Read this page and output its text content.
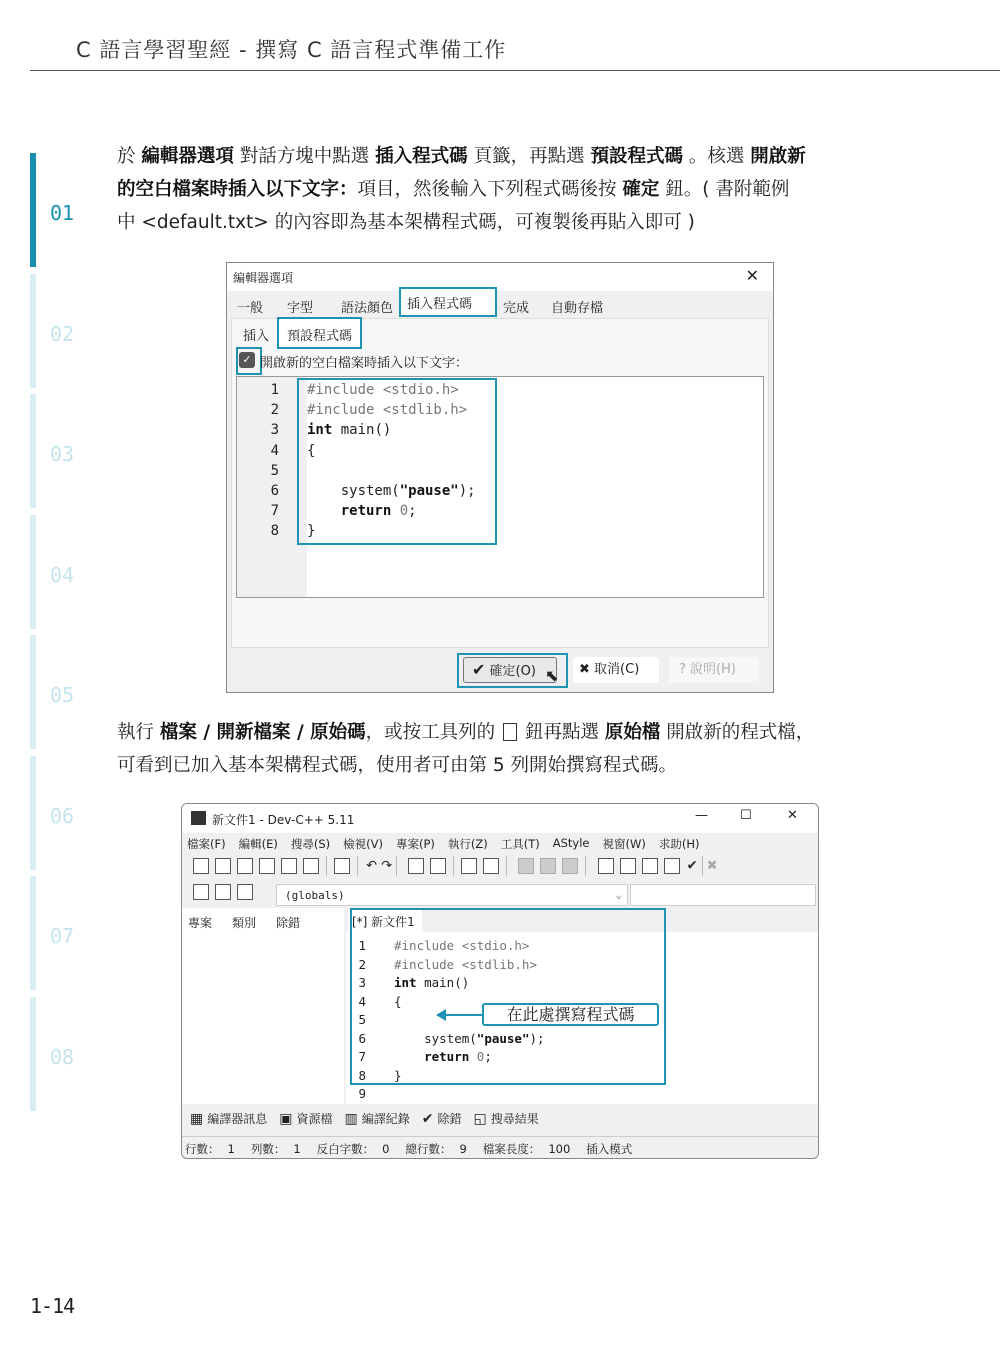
C 語言學習聖經 - 撰寫 C 語言程式準備工作
01
02
03
04
05
06
07
08
於 編輯器選項 對話方塊中點選 插入程式碼 頁籤，再點選 預設程式碼 。核選 開啟新
的空白檔案時插入以下文字：項目，然後輸入下列程式碼後按 確定 鈕。( 書附範例
中 <default.txt> 的內容即為基本架構程式碼，可複製後再貼入即可 )
編輯器選項	✕
一般	字型	語法顏色	插入程式碼	完成	自動存檔
插入	預設程式碼
✓ 開啟新的空白檔案時插入以下文字：
1	#include <stdio.h>
2	#include <stdlib.h>
3	int main()
4	{
5
6	system("pause");
7	return 0;
8	}
✔ 確定(O) ⬉	✖ 取消(C)	? 說明(H)
執行 檔案 / 開新檔案 / 原始碼，或按工具列的  鈕再點選 原始檔 開啟新的程式檔，
可看到已加入基本架構程式碼，使用者可由第 5 列開始撰寫程式碼。
新文件1 - Dev-C++ 5.11	— ☐	✕
檔案(F) 編輯(E) 搜尋(S) 檢視(V) 專案(P) 執行(Z) 工具(T) AStyle 視窗(W) 求助(H)
↶ ↷	✔ ✖
(globals)	⌄
專案 類別 除錯	[*] 新文件1
1	#include <stdio.h>
2	#include <stdlib.h>
3	int main()
4	{
5
6	system("pause");
7	return 0;
8	}
9
在此處撰寫程式碼
▦ 編譯器訊息 ▣ 資源檔 ▥ 編譯紀錄 ✔ 除錯 ◱ 搜尋結果
行數： 1 列數： 1 反白字數： 0 總行數： 9 檔案長度： 100 插入模式
1-14
